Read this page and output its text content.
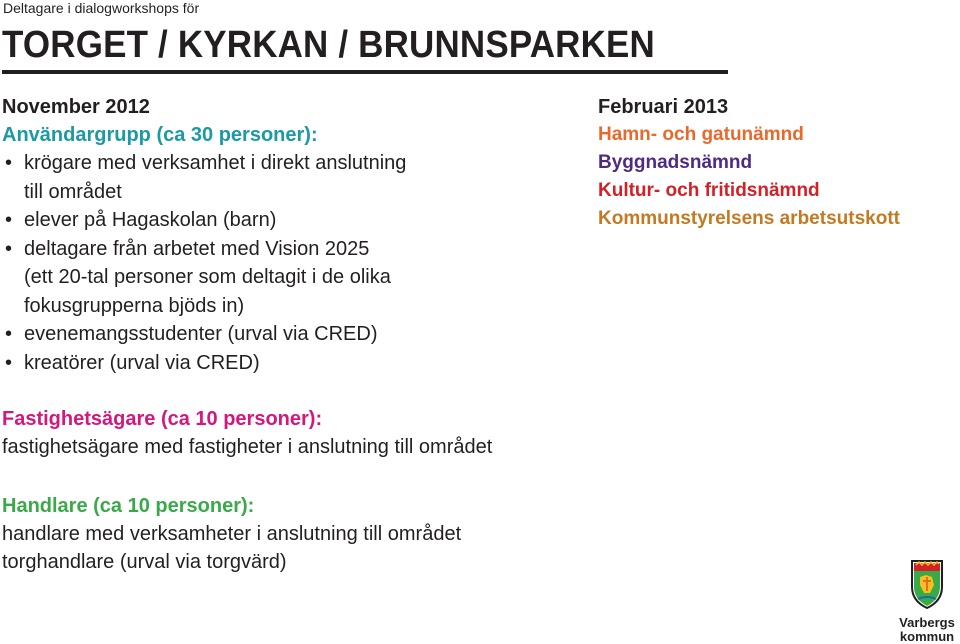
Deltagare i dialogworkshops för
TORGET / KYRKAN / BRUNNSPARKEN
November 2012
Användargrupp (ca 30 personer):
• krögare med verksamhet i direkt anslutning
till området
• elever på Hagaskolan (barn)
• deltagare från arbetet med Vision 2025
(ett 20-tal personer som deltagit i de olika
fokusgrupperna bjöds in)
• evenemangsstudenter (urval via CRED)
• kreatörer (urval via CRED)
Februari 2013
Hamn- och gatunämnd
Byggnadsnämnd
Kultur- och fritidsnämnd
Kommunstyrelsens arbetsutskott
Fastighetsägare (ca 10 personer):
fastighetsägare med fastigheter i anslutning till området
Handlare (ca 10 personer):
handlare med verksamheter i anslutning till området
torghandlare (urval via torgvärd)
Varbergs
kommun
